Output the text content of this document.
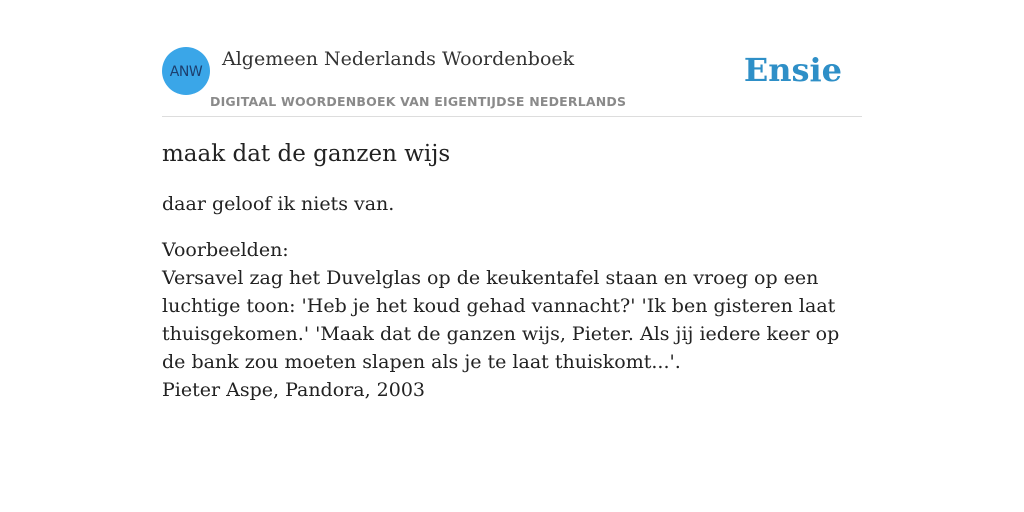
ANW
Algemeen Nederlands Woordenboek
DIGITAAL WOORDENBOEK VAN EIGENTIJDSE NEDERLANDS
Ensie
maak dat de ganzen wijs

daar geloof ik niets van.

Voorbeelden:
Versavel zag het Duvelglas op de keukentafel staan en vroeg op een luchtige toon: 'Heb je het koud gehad vannacht?' 'Ik ben gisteren laat thuisgekomen.' 'Maak dat de ganzen wijs, Pieter. Als jij iedere keer op de bank zou moeten slapen als je te laat thuiskomt...'.
Pieter Aspe, Pandora, 2003
